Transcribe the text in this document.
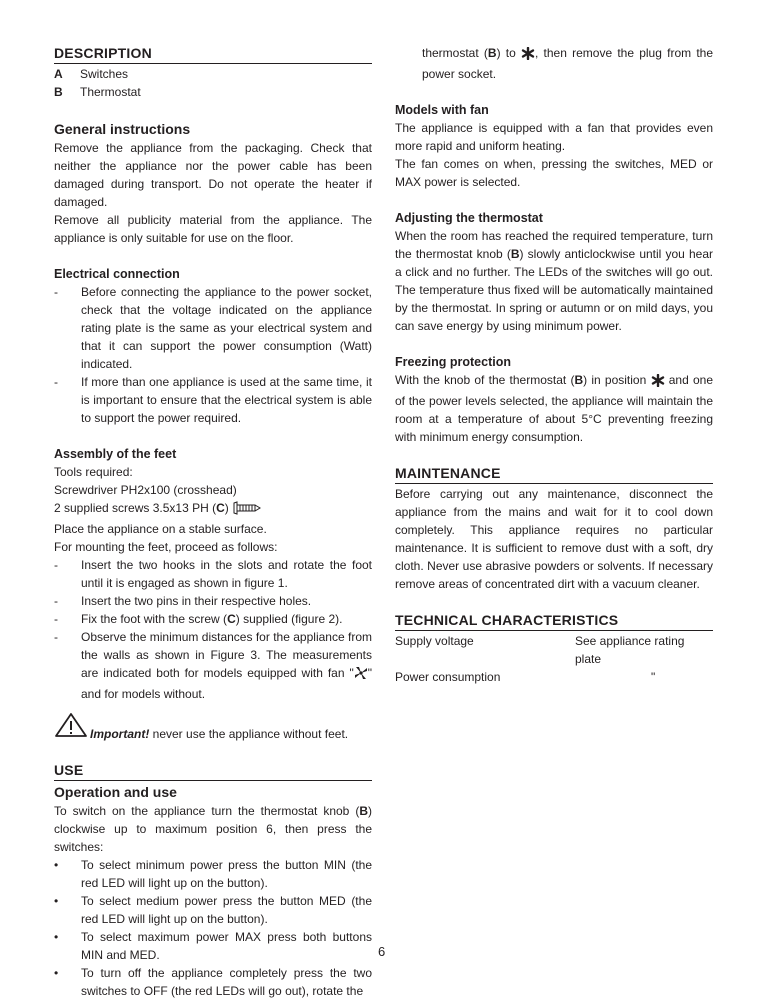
DESCRIPTION
A	Switches
B	Thermostat
General instructions

Remove the appliance from the packaging. Check that neither the appliance nor the power cable has been damaged during transport. Do not operate the heater if damaged.

Remove all publicity material from the appliance. The appliance is only suitable for use on the floor.

Electrical connection
-	Before connecting the appliance to the power socket, check that the voltage indicated on the appliance rating plate is the same as your electrical system and that it can support the power consumption (Watt) indicated.
-	If more than one appliance is used at the same time, it is important to ensure that the electrical system is able to support the power required.
Assembly of the feet

Tools required:

Screwdriver PH2x100 (crosshead)

2 supplied screws 3.5x13 PH (C)

Place the appliance on a stable surface.

For mounting the feet, proceed as follows:

-	Insert the two hooks in the slots and rotate the foot until it is engaged as shown in figure 1.
-	Insert the two pins in their respective holes.
-	Fix the foot with the screw (C) supplied (figure 2).
-	Observe the minimum distances for the appliance from the walls as shown in Figure 3. The measurements are indicated both for models equipped with fan " " and for models without.
Important! never use the appliance without feet.
USE
Operation and use

To switch on the appliance turn the thermostat knob (B) clockwise up to maximum position 6, then press the switches:

•	To select minimum power press the button MIN (the red LED will light up on the button).
•	To select medium power press the button MED (the red LED will light up on the button).
•	To select maximum power MAX press both buttons MIN and MED.
•	To turn off the appliance completely press the two switches to OFF (the red LEDs will go out), rotate the

thermostat (B) to , then remove the plug from the power socket.

Models with fan

The appliance is equipped with a fan that provides even more rapid and uniform heating.

The fan comes on when, pressing the switches, MED or MAX power is selected.

Adjusting the thermostat

When the room has reached the required temperature, turn the thermostat knob (B) slowly anticlockwise until you hear a click and no further. The LEDs of the switches will go out. The temperature thus fixed will be automatically maintained by the thermostat. In spring or autumn or on mild days, you can save energy by using minimum power.

Freezing protection

With the knob of the thermostat (B) in position  and one of the power levels selected, the appliance will maintain the room at a temperature of about 5°C preventing freezing with minimum energy consumption.

MAINTENANCE

Before carrying out any maintenance, disconnect the appliance from the mains and wait for it to cool down completely. This appliance requires no particular maintenance. It is sufficient to remove dust with a soft, dry cloth. Never use abrasive powders or solvents. If necessary remove areas of concentrated dirt with a vacuum cleaner.

TECHNICAL CHARACTERISTICS
Supply voltage	See appliance rating plate
Power consumption	"
6
